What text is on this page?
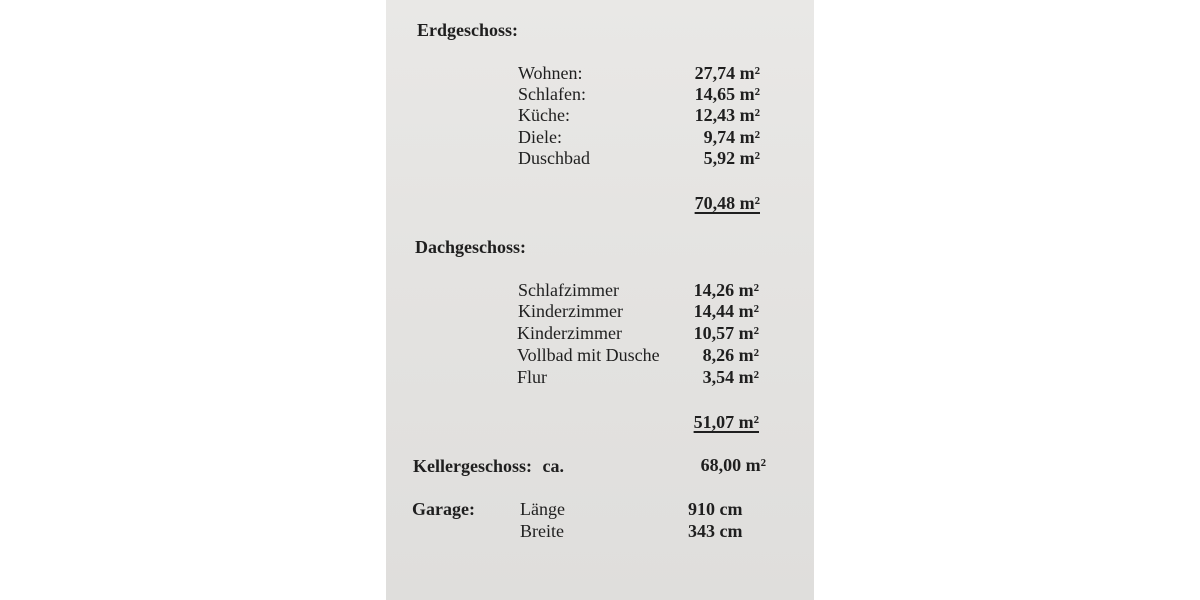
Erdgeschoss:
Wohnen:	27,74 m²
Schlafen:	14,65 m²
Küche:	12,43 m²
Diele:	9,74 m²
Duschbad	5,92 m²
70,48 m²
Dachgeschoss:
Schlafzimmer	14,26 m²
Kinderzimmer	14,44 m²
Kinderzimmer	10,57 m²
Vollbad mit Dusche 8,26 m²
Flur	3,54 m²
51,07 m²
Kellergeschoss: ca.	68,00 m²
Garage:	Länge	910 cm
Breite	343 cm
